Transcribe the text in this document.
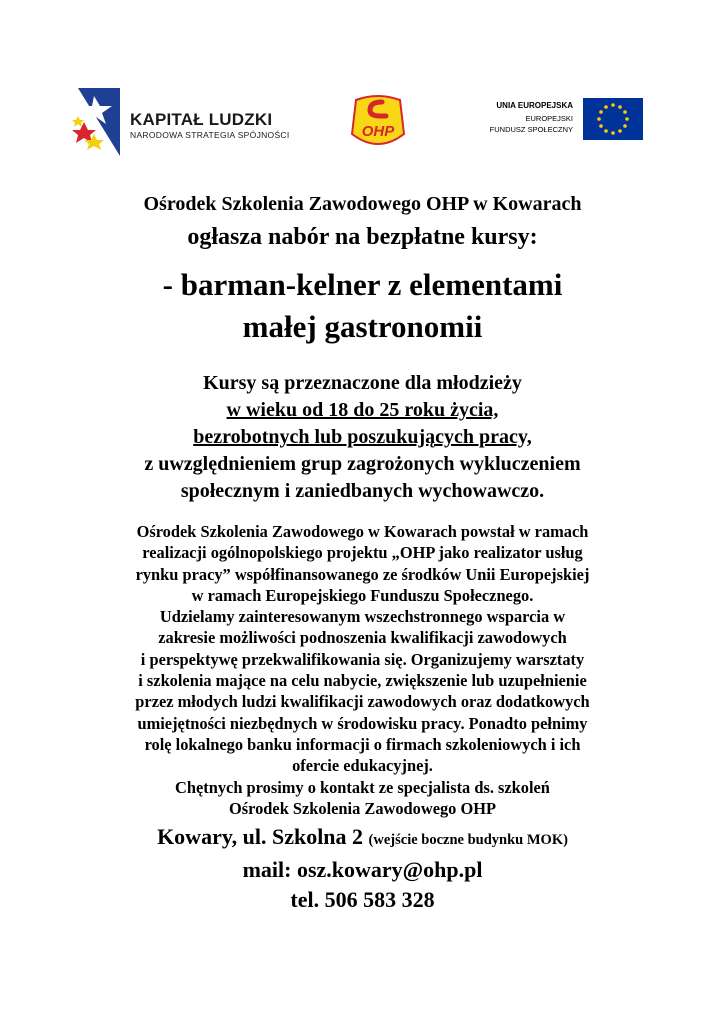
KAPITAŁ LUDZKI
NARODOWA STRATEGIA SPÓJNOŚCI	OHP
UNIA EUROPEJSKA
EUROPEJSKI
FUNDUSZ SPOŁECZNY
Ośrodek Szkolenia Zawodowego OHP w Kowarach
ogłasza nabór na bezpłatne kursy:
- barman-kelner z elementami
małej gastronomii
Kursy są przeznaczone dla młodzieży
w wieku od 18 do 25 roku życia,
bezrobotnych lub poszukujących pracy,
z uwzględnieniem grup zagrożonych wykluczeniem
społecznym i zaniedbanych wychowawczo.
Ośrodek Szkolenia Zawodowego w Kowarach powstał w ramach
realizacji ogólnopolskiego projektu „OHP jako realizator usług
rynku pracy” współfinansowanego ze środków Unii Europejskiej
w ramach Europejskiego Funduszu Społecznego.
Udzielamy zainteresowanym wszechstronnego wsparcia w
zakresie możliwości podnoszenia kwalifikacji zawodowych
i perspektywę przekwalifikowania się. Organizujemy warsztaty
i szkolenia mające na celu nabycie, zwiększenie lub uzupełnienie
przez młodych ludzi kwalifikacji zawodowych oraz dodatkowych
umiejętności niezbędnych w środowisku pracy. Ponadto pełnimy
rolę lokalnego banku informacji o firmach szkoleniowych i ich
ofercie edukacyjnej.
Chętnych prosimy o kontakt ze specjalista ds. szkoleń
Ośrodek Szkolenia Zawodowego OHP
Kowary, ul. Szkolna 2 (wejście boczne budynku MOK)
mail: osz.kowary@ohp.pl
tel. 506 583 328
